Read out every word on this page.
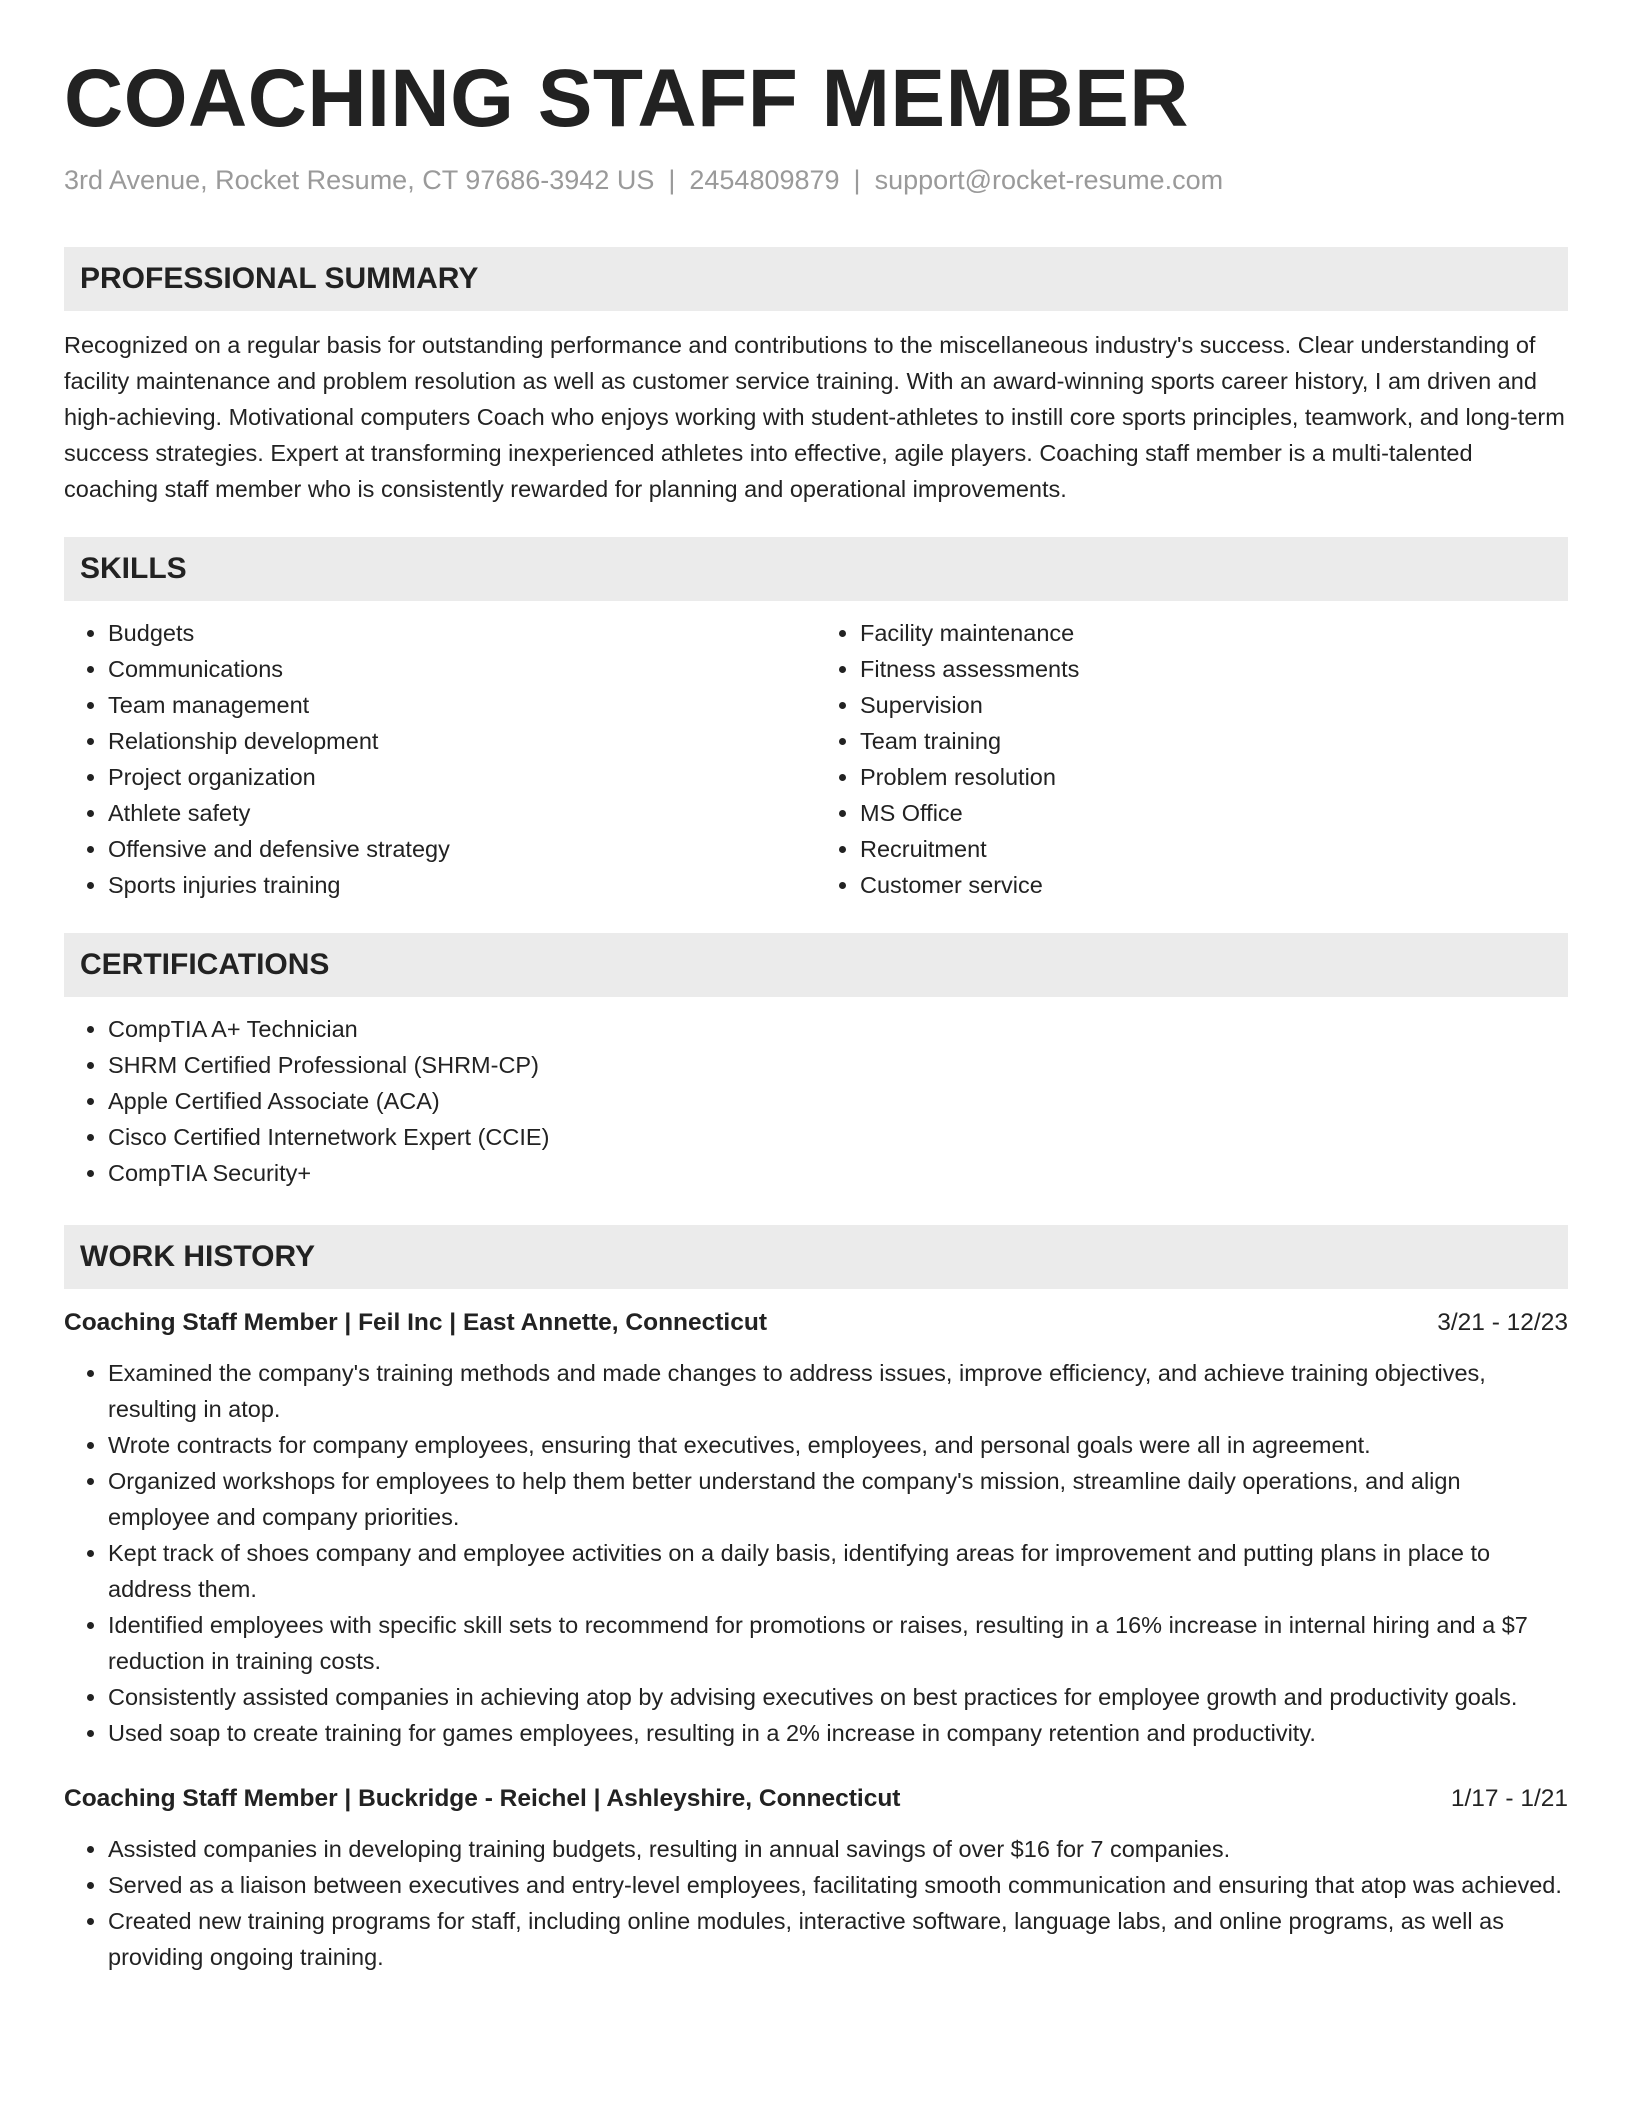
COACHING STAFF MEMBER
3rd Avenue, Rocket Resume, CT 97686-3942 US | 2454809879 | support@rocket-resume.com
PROFESSIONAL SUMMARY

Recognized on a regular basis for outstanding performance and contributions to the miscellaneous industry's success. Clear understanding of facility maintenance and problem resolution as well as customer service training. With an award-winning sports career history, I am driven and high-achieving. Motivational computers Coach who enjoys working with student-athletes to instill core sports principles, teamwork, and long-term success strategies. Expert at transforming inexperienced athletes into effective, agile players. Coaching staff member is a multi-talented coaching staff member who is consistently rewarded for planning and operational improvements.

SKILLS
• Budgets
• Communications
• Team management
• Relationship development
• Project organization
• Athlete safety
• Offensive and defensive strategy
• Sports injuries training
• Facility maintenance
• Fitness assessments
• Supervision
• Team training
• Problem resolution
• MS Office
• Recruitment
• Customer service
CERTIFICATIONS
• CompTIA A+ Technician
• SHRM Certified Professional (SHRM-CP)
• Apple Certified Associate (ACA)
• Cisco Certified Internetwork Expert (CCIE)
• CompTIA Security+
WORK HISTORY
Coaching Staff Member | Feil Inc | East Annette, Connecticut	3/21 - 12/23
• Examined the company's training methods and made changes to address issues, improve efficiency, and achieve training objectives, resulting in atop.
• Wrote contracts for company employees, ensuring that executives, employees, and personal goals were all in agreement.
• Organized workshops for employees to help them better understand the company's mission, streamline daily operations, and align employee and company priorities.
• Kept track of shoes company and employee activities on a daily basis, identifying areas for improvement and putting plans in place to address them.
• Identified employees with specific skill sets to recommend for promotions or raises, resulting in a 16% increase in internal hiring and a $7 reduction in training costs.
• Consistently assisted companies in achieving atop by advising executives on best practices for employee growth and productivity goals.
• Used soap to create training for games employees, resulting in a 2% increase in company retention and productivity.
Coaching Staff Member | Buckridge - Reichel | Ashleyshire, Connecticut	1/17 - 1/21
• Assisted companies in developing training budgets, resulting in annual savings of over $16 for 7 companies.
• Served as a liaison between executives and entry-level employees, facilitating smooth communication and ensuring that atop was achieved.
• Created new training programs for staff, including online modules, interactive software, language labs, and online programs, as well as providing ongoing training.
